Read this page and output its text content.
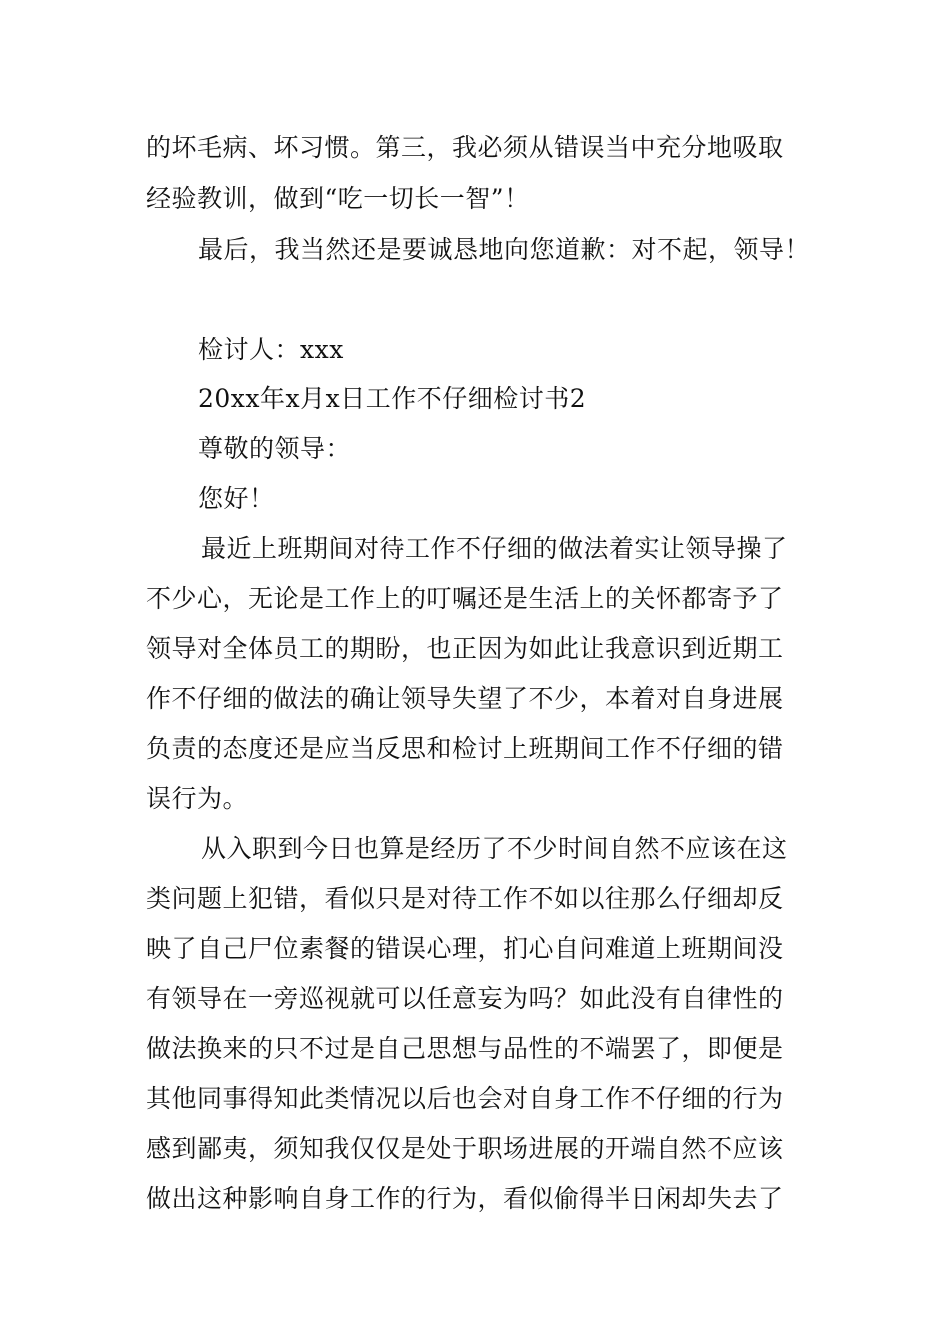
的坏毛病、坏习惯。第三，我必须从错误当中充分地吸取
经验教训，做到“吃一切长一智”！
最后，我当然还是要诚恳地向您道歉：对不起，领导！
检讨人：xxx
20xx年x月x日工作不仔细检讨书2
尊敬的领导：
您好！
最近上班期间对待工作不仔细的做法着实让领导操了
不少心，无论是工作上的叮嘱还是生活上的关怀都寄予了
领导对全体员工的期盼，也正因为如此让我意识到近期工
作不仔细的做法的确让领导失望了不少，本着对自身进展
负责的态度还是应当反思和检讨上班期间工作不仔细的错
误行为。
从入职到今日也算是经历了不少时间自然不应该在这
类问题上犯错，看似只是对待工作不如以往那么仔细却反
映了自己尸位素餐的错误心理，扪心自问难道上班期间没
有领导在一旁巡视就可以任意妄为吗？如此没有自律性的
做法换来的只不过是自己思想与品性的不端罢了，即便是
其他同事得知此类情况以后也会对自身工作不仔细的行为
感到鄙夷，须知我仅仅是处于职场进展的开端自然不应该
做出这种影响自身工作的行为，看似偷得半日闲却失去了
